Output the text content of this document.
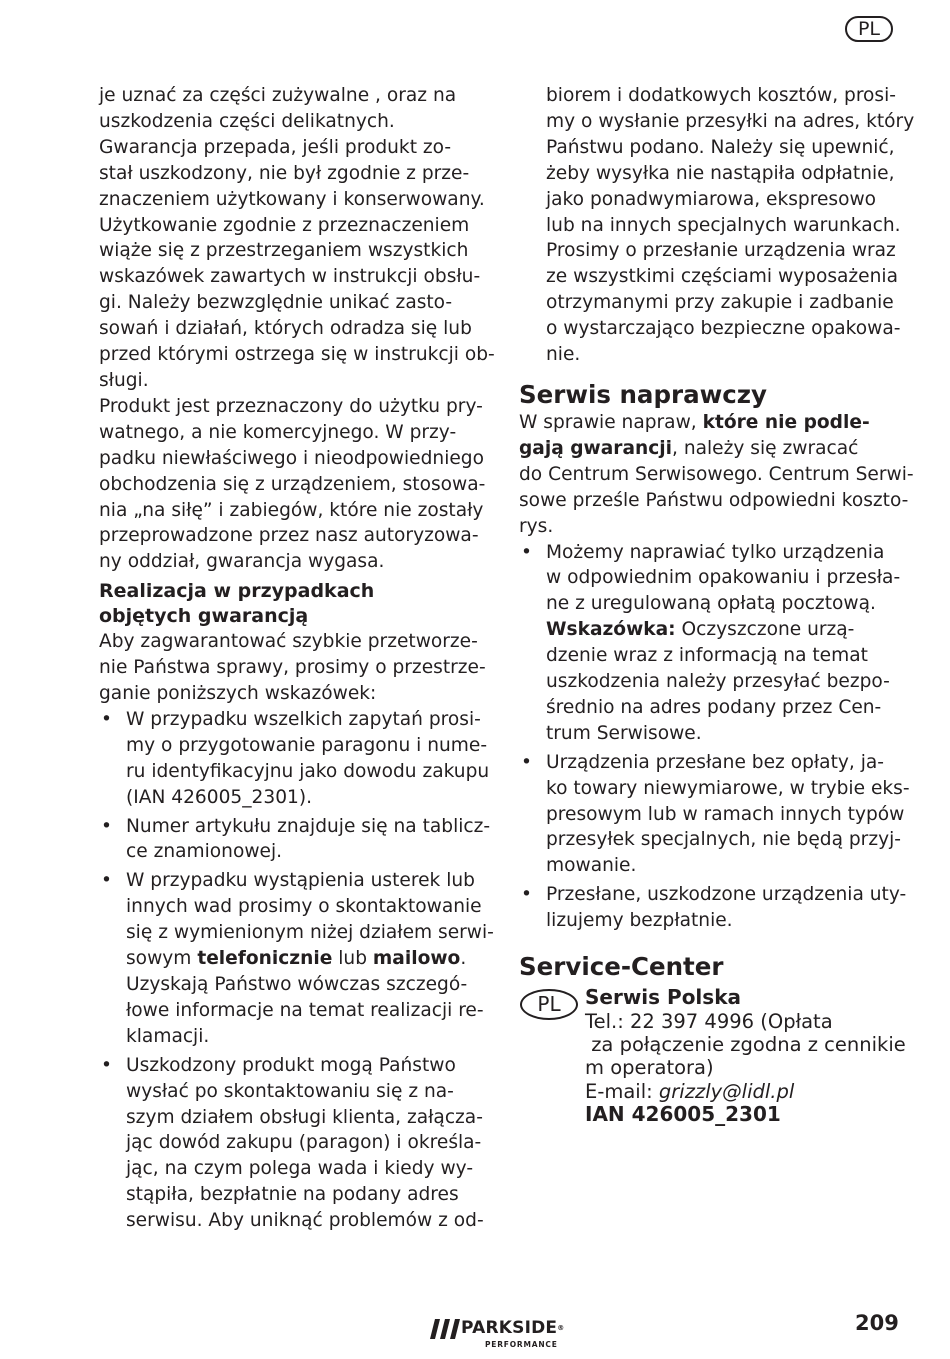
PL

je uznać za części zużywalne , oraz na
uszkodzenia części delikatnych.

Gwarancja przepada, jeśli produkt zo-
stał uszkodzony, nie był zgodnie z prze-
znaczeniem użytkowany i konserwowany.
Użytkowanie zgodnie z przeznaczeniem
wiąże się z przestrzeganiem wszystkich
wskazówek zawartych w instrukcji obsłu-
gi. Należy bezwzględnie unikać zasto-
sowań i działań, których odradza się lub
przed którymi ostrzega się w instrukcji ob-
sługi.

Produkt jest przeznaczony do użytku pry-
watnego, a nie komercyjnego. W przy-
padku niewłaściwego i nieodpowiedniego
obchodzenia się z urządzeniem, stosowa-
nia „na siłę” i zabiegów, które nie zostały
przeprowadzone przez nasz autoryzowa-
ny oddział, gwarancja wygasa.

Realizacja w przypadkach
objętych gwarancją

Aby zagwarantować szybkie przetworze-
nie Państwa sprawy, prosimy o przestrze-
ganie poniższych wskazówek:

• W przypadku wszelkich zapytań prosi-
my o przygotowanie paragonu i nume-
ru identyfikacyjnu jako dowodu zakupu
(IAN 426005_2301).
• Numer artykułu znajduje się na tablicz-
ce znamionowej.
• W przypadku wystąpienia usterek lub
innych wad prosimy o skontaktowanie
się z wymienionym niżej działem serwi-
sowym telefonicznie lub mailowo.
Uzyskają Państwo wówczas szczegó-
łowe informacje na temat realizacji re-
klamacji.
• Uszkodzony produkt mogą Państwo
wysłać po skontaktowaniu się z na-
szym działem obsługi klienta, załącza-
jąc dowód zakupu (paragon) i określa-
jąc, na czym polega wada i kiedy wy-
stąpiła, bezpłatnie na podany adres
serwisu. Aby uniknąć problemów z od-

biorem i dodatkowych kosztów, prosi-
my o wysłanie przesyłki na adres, który
Państwu podano. Należy się upewnić,
żeby wysyłka nie nastąpiła odpłatnie,
jako ponadwymiarowa, ekspresowo
lub na innych specjalnych warunkach.
Prosimy o przesłanie urządzenia wraz
ze wszystkimi częściami wyposażenia
otrzymanymi przy zakupie i zadbanie
o wystarczająco bezpieczne opakowa-
nie.

Serwis naprawczy

W sprawie napraw, które nie podle-
gają gwarancji, należy się zwracać
do Centrum Serwisowego. Centrum Serwi-
sowe prześle Państwu odpowiedni koszto-
rys.

• Możemy naprawiać tylko urządzenia
w odpowiednim opakowaniu i przesła-
ne z uregulowaną opłatą pocztową.
Wskazówka: Oczyszczone urzą-
dzenie wraz z informacją na temat
uszkodzenia należy przesyłać bezpo-
średnio na adres podany przez Cen-
trum Serwisowe.
• Urządzenia przesłane bez opłaty, ja-
ko towary niewymiarowe, w trybie eks-
presowym lub w ramach innych typów
przesyłek specjalnych, nie będą przyj-
mowanie.
• Przesłane, uszkodzone urządzenia uty-
lizujemy bezpłatnie.
Service-Center
PL	Serwis Polska
Tel.: 22 397 4996 (Opłata
za połączenie zgodna z cennikie
m operatora)
E-mail: grizzly@lidl.pl
IAN 426005_2301
PARKSIDE®
PERFORMANCE
209
